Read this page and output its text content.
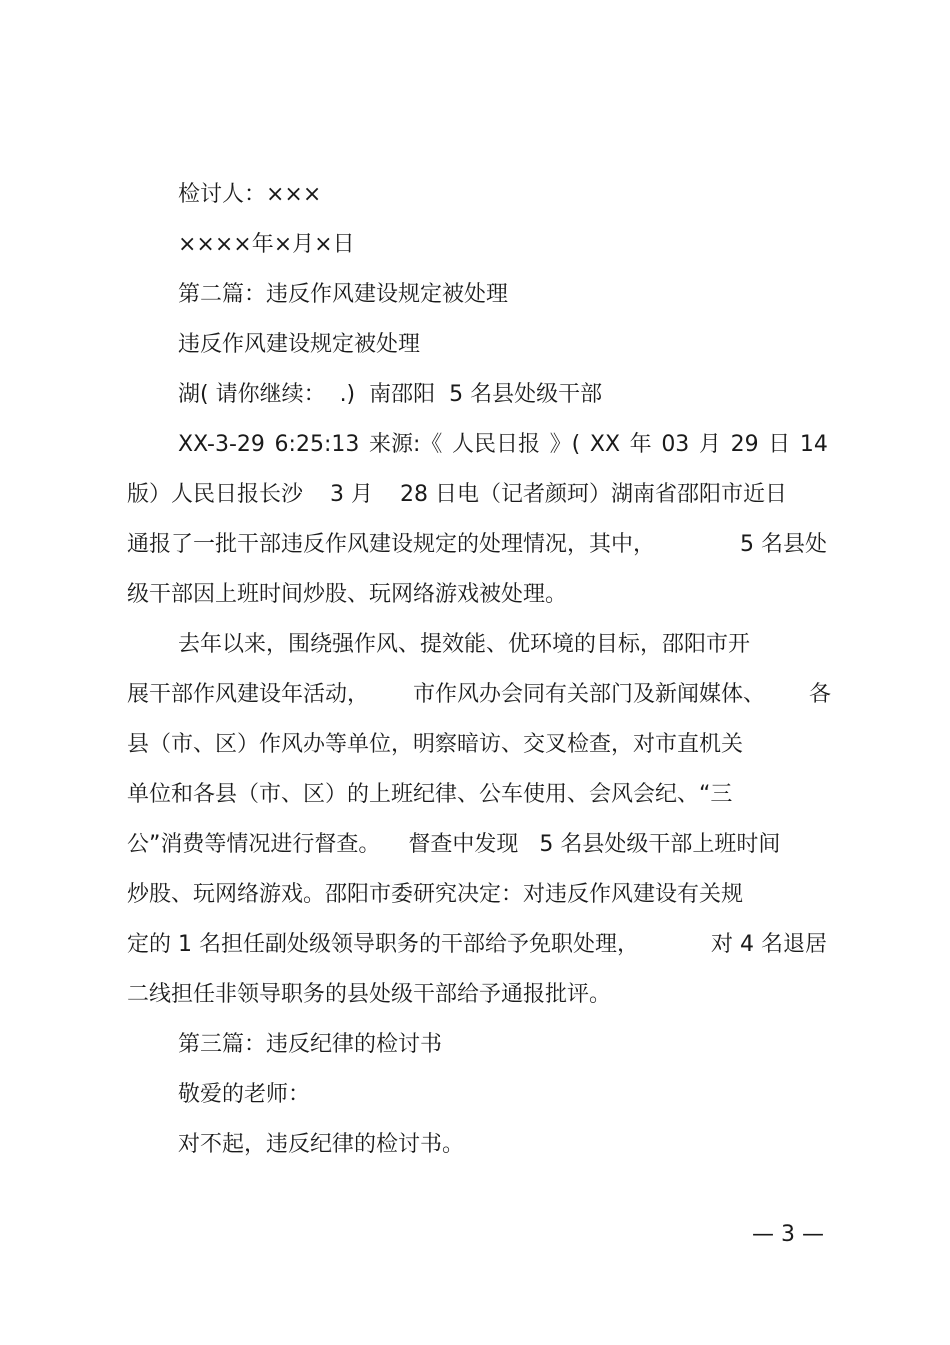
检讨人：×××
××××年×月×日
第二篇：违反作风建设规定被处理
违反作风建设规定被处理
湖( 请你继续：  .)  南邵阳  5 名县处级干部
XX-3-29 6:25:13 来源:《 人民日报 》( XX 年 03 月 29 日 14
版）人民日报长沙 3 月 28 日电（记者颜珂）湖南省邵阳市近日
通报了一批干部违反作风建设规定的处理情况，其中，	5 名县处
级干部因上班时间炒股、玩网络游戏被处理。
去年以来，围绕强作风、提效能、优环境的目标，邵阳市开
展干部作风建设年活动， 市作风办会同有关部门及新闻媒体、 各
县（市、区）作风办等单位，明察暗访、交叉检查，对市直机关
单位和各县（市、区）的上班纪律、公车使用、会风会纪、“三
公”消费等情况进行督查。    督查中发现   5 名县处级干部上班时间
炒股、玩网络游戏。邵阳市委研究决定：对违反作风建设有关规
定的 1 名担任副处级领导职务的干部给予免职处理，	对 4 名退居
二线担任非领导职务的县处级干部给予通报批评。
第三篇：违反纪律的检讨书
敬爱的老师：
对不起，违反纪律的检讨书。
— 3 —
